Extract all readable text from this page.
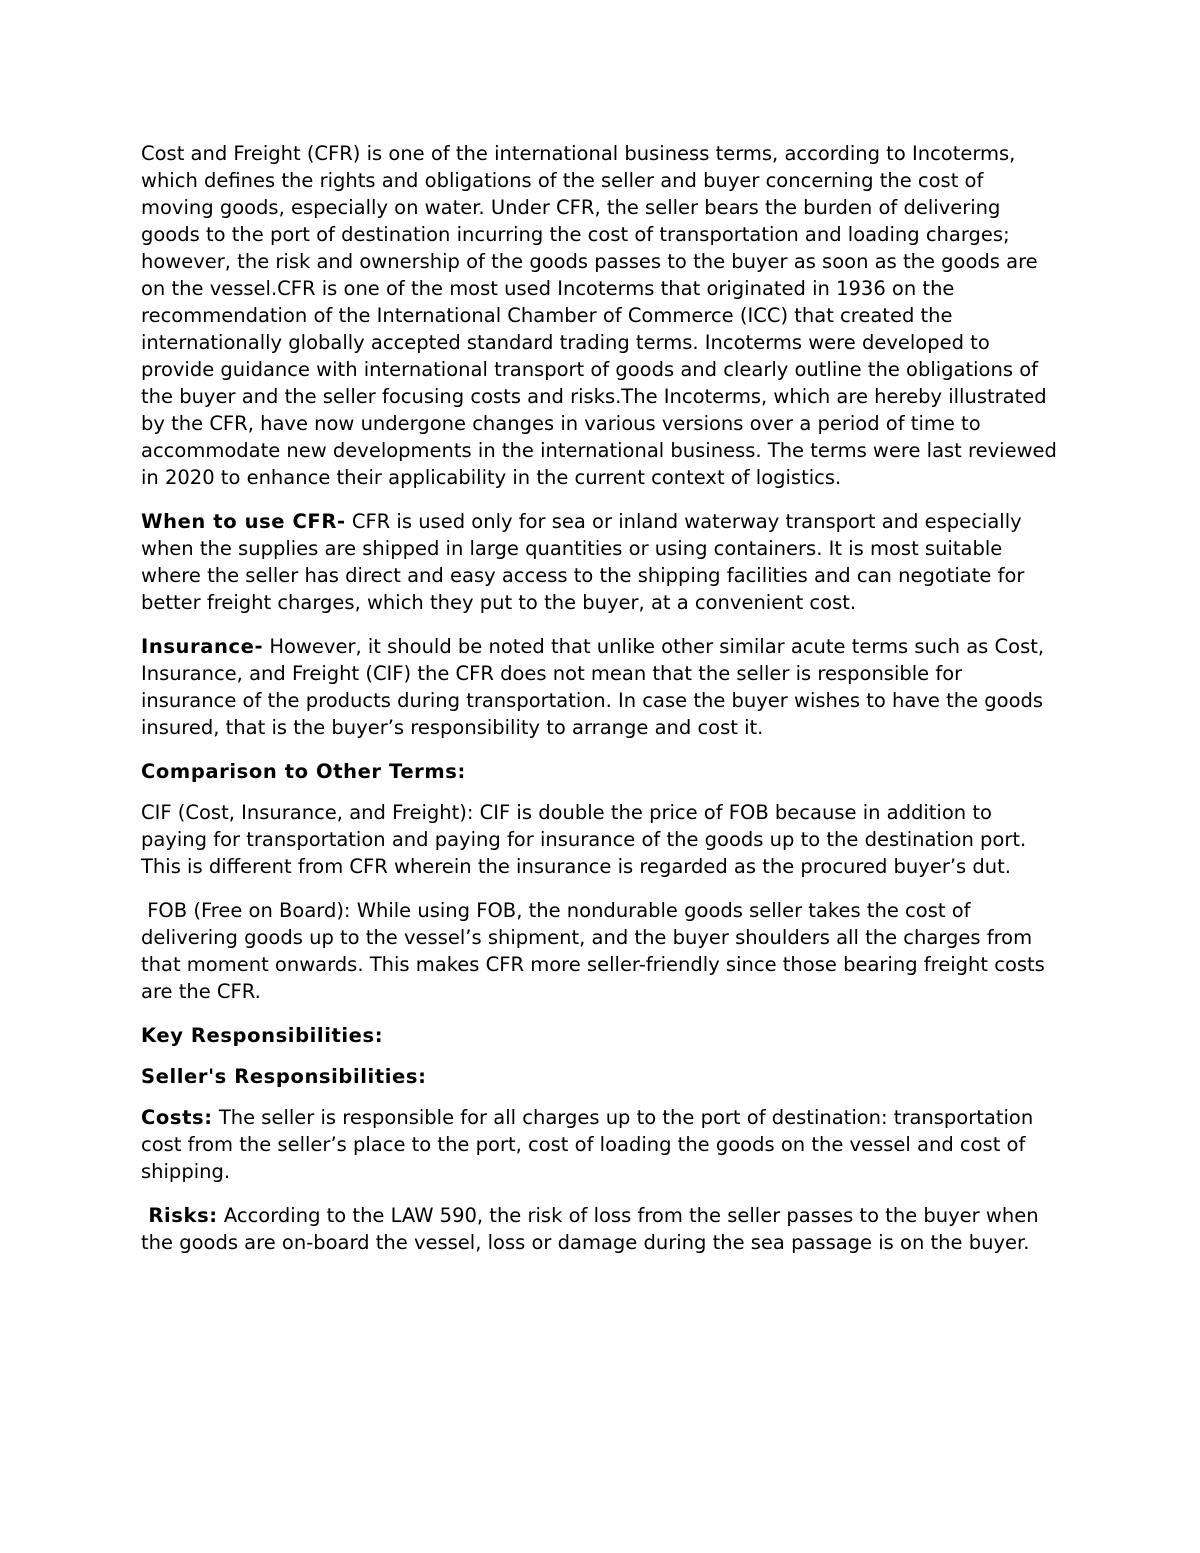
Cost and Freight (CFR) is one of the international business terms, according to Incoterms, which defines the rights and obligations of the seller and buyer concerning the cost of moving goods, especially on water. Under CFR, the seller bears the burden of delivering goods to the port of destination incurring the cost of transportation and loading charges; however, the risk and ownership of the goods passes to the buyer as soon as the goods are on the vessel.CFR is one of the most used Incoterms that originated in 1936 on the recommendation of the International Chamber of Commerce (ICC) that created the internationally globally accepted standard trading terms. Incoterms were developed to provide guidance with international transport of goods and clearly outline the obligations of the buyer and the seller focusing costs and risks.The Incoterms, which are hereby illustrated by the CFR, have now undergone changes in various versions over a period of time to accommodate new developments in the international business. The terms were last reviewed in 2020 to enhance their applicability in the current context of logistics.

When to use CFR- CFR is used only for sea or inland waterway transport and especially when the supplies are shipped in large quantities or using containers. It is most suitable where the seller has direct and easy access to the shipping facilities and can negotiate for better freight charges, which they put to the buyer, at a convenient cost.

Insurance- However, it should be noted that unlike other similar acute terms such as Cost, Insurance, and Freight (CIF) the CFR does not mean that the seller is responsible for insurance of the products during transportation. In case the buyer wishes to have the goods insured, that is the buyer’s responsibility to arrange and cost it.

Comparison to Other Terms:

CIF (Cost, Insurance, and Freight): CIF is double the price of FOB because in addition to paying for transportation and paying for insurance of the goods up to the destination port. This is different from CFR wherein the insurance is regarded as the procured buyer’s dut.

FOB (Free on Board): While using FOB, the nondurable goods seller takes the cost of delivering goods up to the vessel’s shipment, and the buyer shoulders all the charges from that moment onwards. This makes CFR more seller-friendly since those bearing freight costs are the CFR.

Key Responsibilities:

Seller's Responsibilities:

Costs: The seller is responsible for all charges up to the port of destination: transportation cost from the seller’s place to the port, cost of loading the goods on the vessel and cost of shipping.

Risks: According to the LAW 590, the risk of loss from the seller passes to the buyer when the goods are on-board the vessel, loss or damage during the sea passage is on the buyer.
